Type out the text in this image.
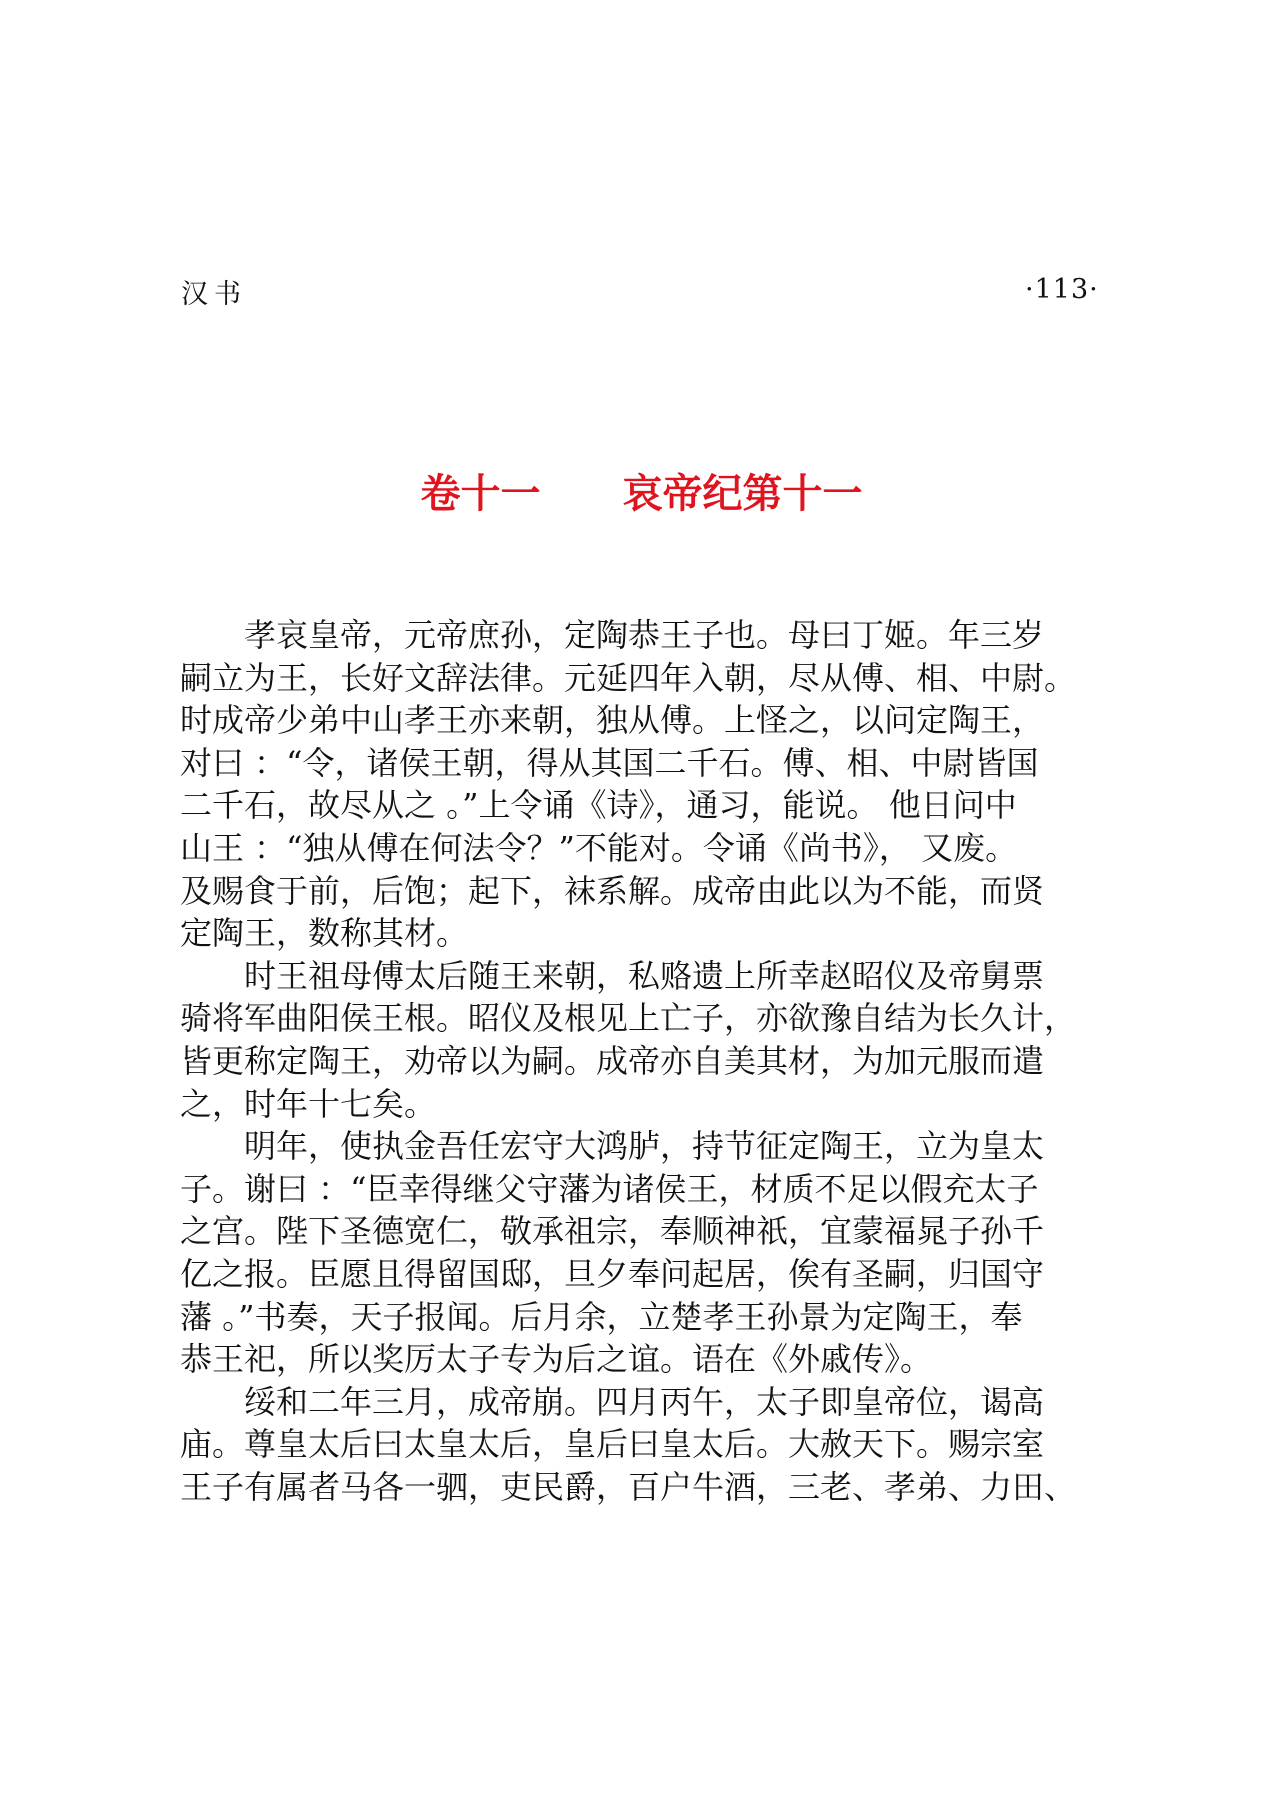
汉书	·113·
卷十一 哀帝纪第十一
孝哀皇帝，元帝庶孙，定陶恭王子也。母曰丁姬。年三岁
嗣立为王，长好文辞法律。元延四年入朝，尽从傅、相、中尉。
时成帝少弟中山孝王亦来朝，独从傅。上怪之，以问定陶王，
对曰 ：“令，诸侯王朝，得从其国二千石。傅、相、中尉皆国
二千石，故尽从之 。”上令诵《诗》，通习，能说。 他日问中
山王 ：“独从傅在何法令？”不能对。令诵《尚书》， 又废。
及赐食于前，后饱；起下，袜系解。成帝由此以为不能，而贤
定陶王，数称其材。
时王祖母傅太后随王来朝，私赂遗上所幸赵昭仪及帝舅票
骑将军曲阳侯王根。昭仪及根见上亡子，亦欲豫自结为长久计，
皆更称定陶王，劝帝以为嗣。成帝亦自美其材，为加元服而遣
之，时年十七矣。
明年，使执金吾任宏守大鸿胪，持节征定陶王，立为皇太
子。谢曰 ：“臣幸得继父守藩为诸侯王，材质不足以假充太子
之宫。陛下圣德宽仁，敬承祖宗，奉顺神祇，宜蒙福晁子孙千
亿之报。臣愿且得留国邸，旦夕奉问起居，俟有圣嗣，归国守
藩 。”书奏，天子报闻。后月余，立楚孝王孙景为定陶王，奉
恭王祀，所以奖厉太子专为后之谊。语在《外戚传》。
绥和二年三月，成帝崩。四月丙午，太子即皇帝位，谒高
庙。尊皇太后曰太皇太后，皇后曰皇太后。大赦天下。赐宗室
王子有属者马各一驷，吏民爵，百户牛酒，三老、孝弟、力田、
